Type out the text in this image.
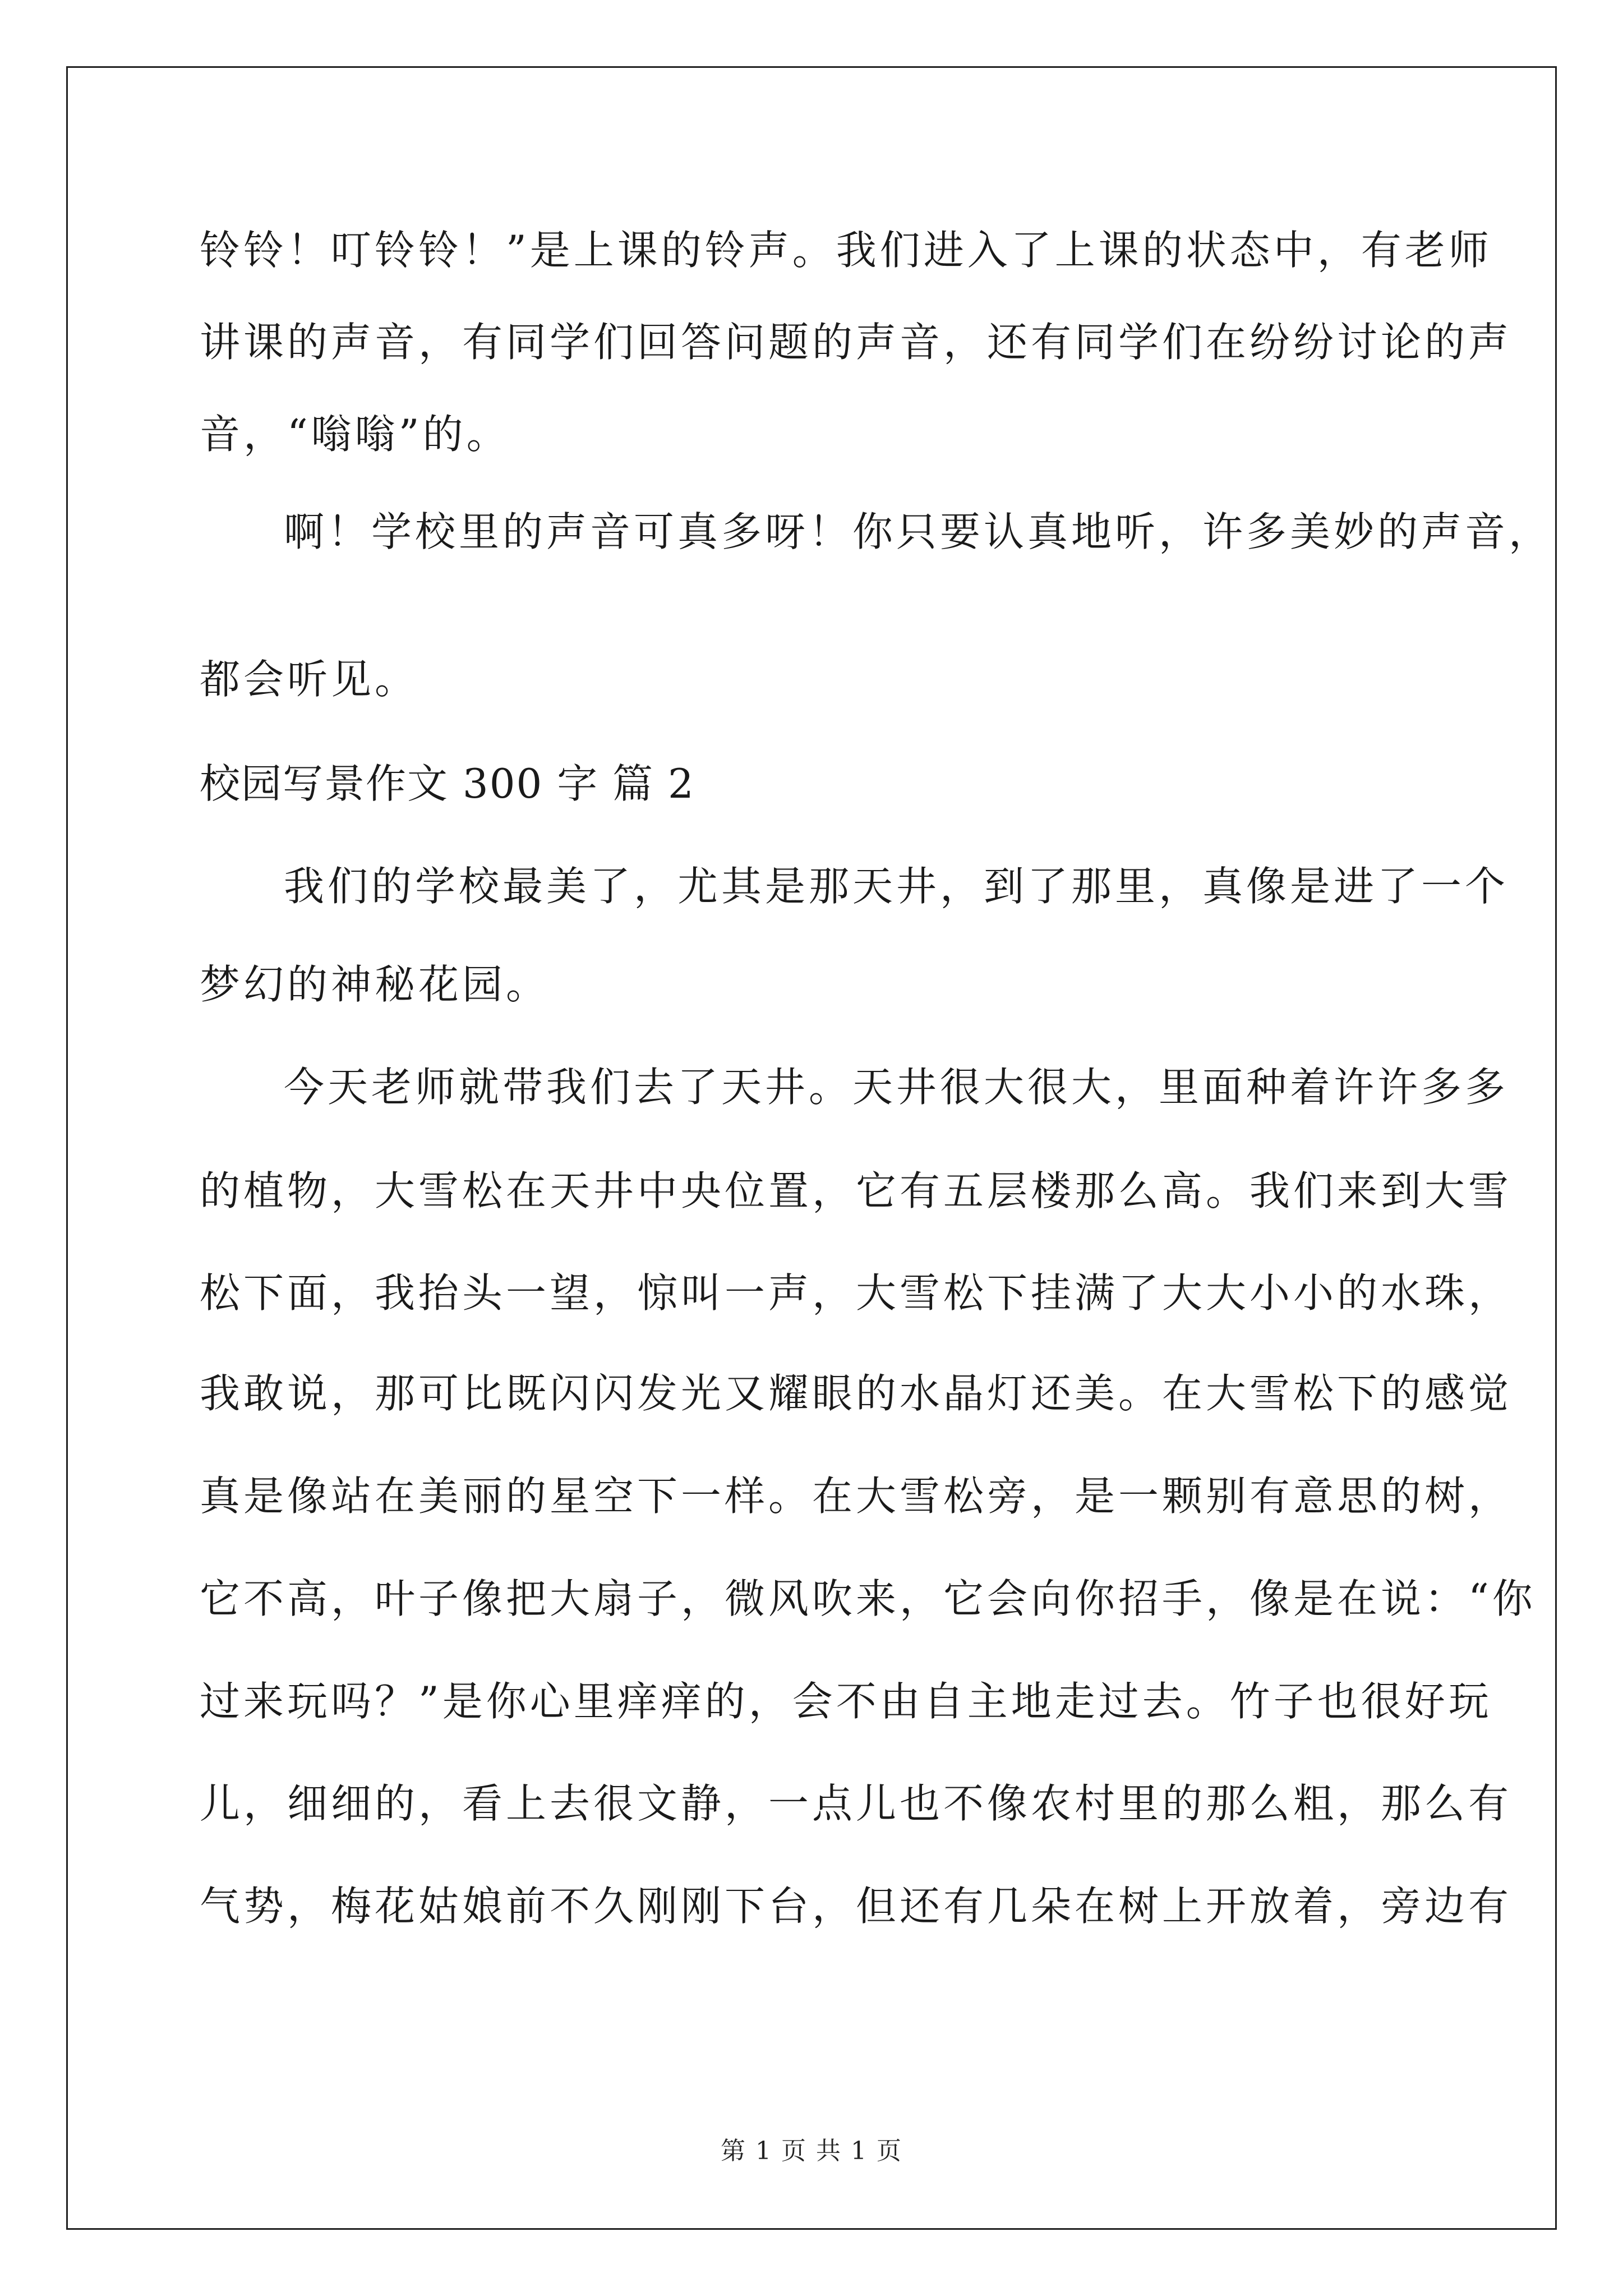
铃铃！叮铃铃！”是上课的铃声。我们进入了上课的状态中，有老师
讲课的声音，有同学们回答问题的声音，还有同学们在纷纷讨论的声
音，“嗡嗡”的。
啊！学校里的声音可真多呀！你只要认真地听，许多美妙的声音，
都会听见。
校园写景作文 300 字 篇 2
我们的学校最美了，尤其是那天井，到了那里，真像是进了一个
梦幻的神秘花园。
今天老师就带我们去了天井。天井很大很大，里面种着许许多多
的植物，大雪松在天井中央位置，它有五层楼那么高。我们来到大雪
松下面，我抬头一望，惊叫一声，大雪松下挂满了大大小小的水珠，
我敢说，那可比既闪闪发光又耀眼的水晶灯还美。在大雪松下的感觉
真是像站在美丽的星空下一样。在大雪松旁，是一颗别有意思的树，
它不高，叶子像把大扇子，微风吹来，它会向你招手，像是在说：“你
过来玩吗？”是你心里痒痒的，会不由自主地走过去。竹子也很好玩
儿，细细的，看上去很文静，一点儿也不像农村里的那么粗，那么有
气势，梅花姑娘前不久刚刚下台，但还有几朵在树上开放着，旁边有
第 1 页 共 1 页
